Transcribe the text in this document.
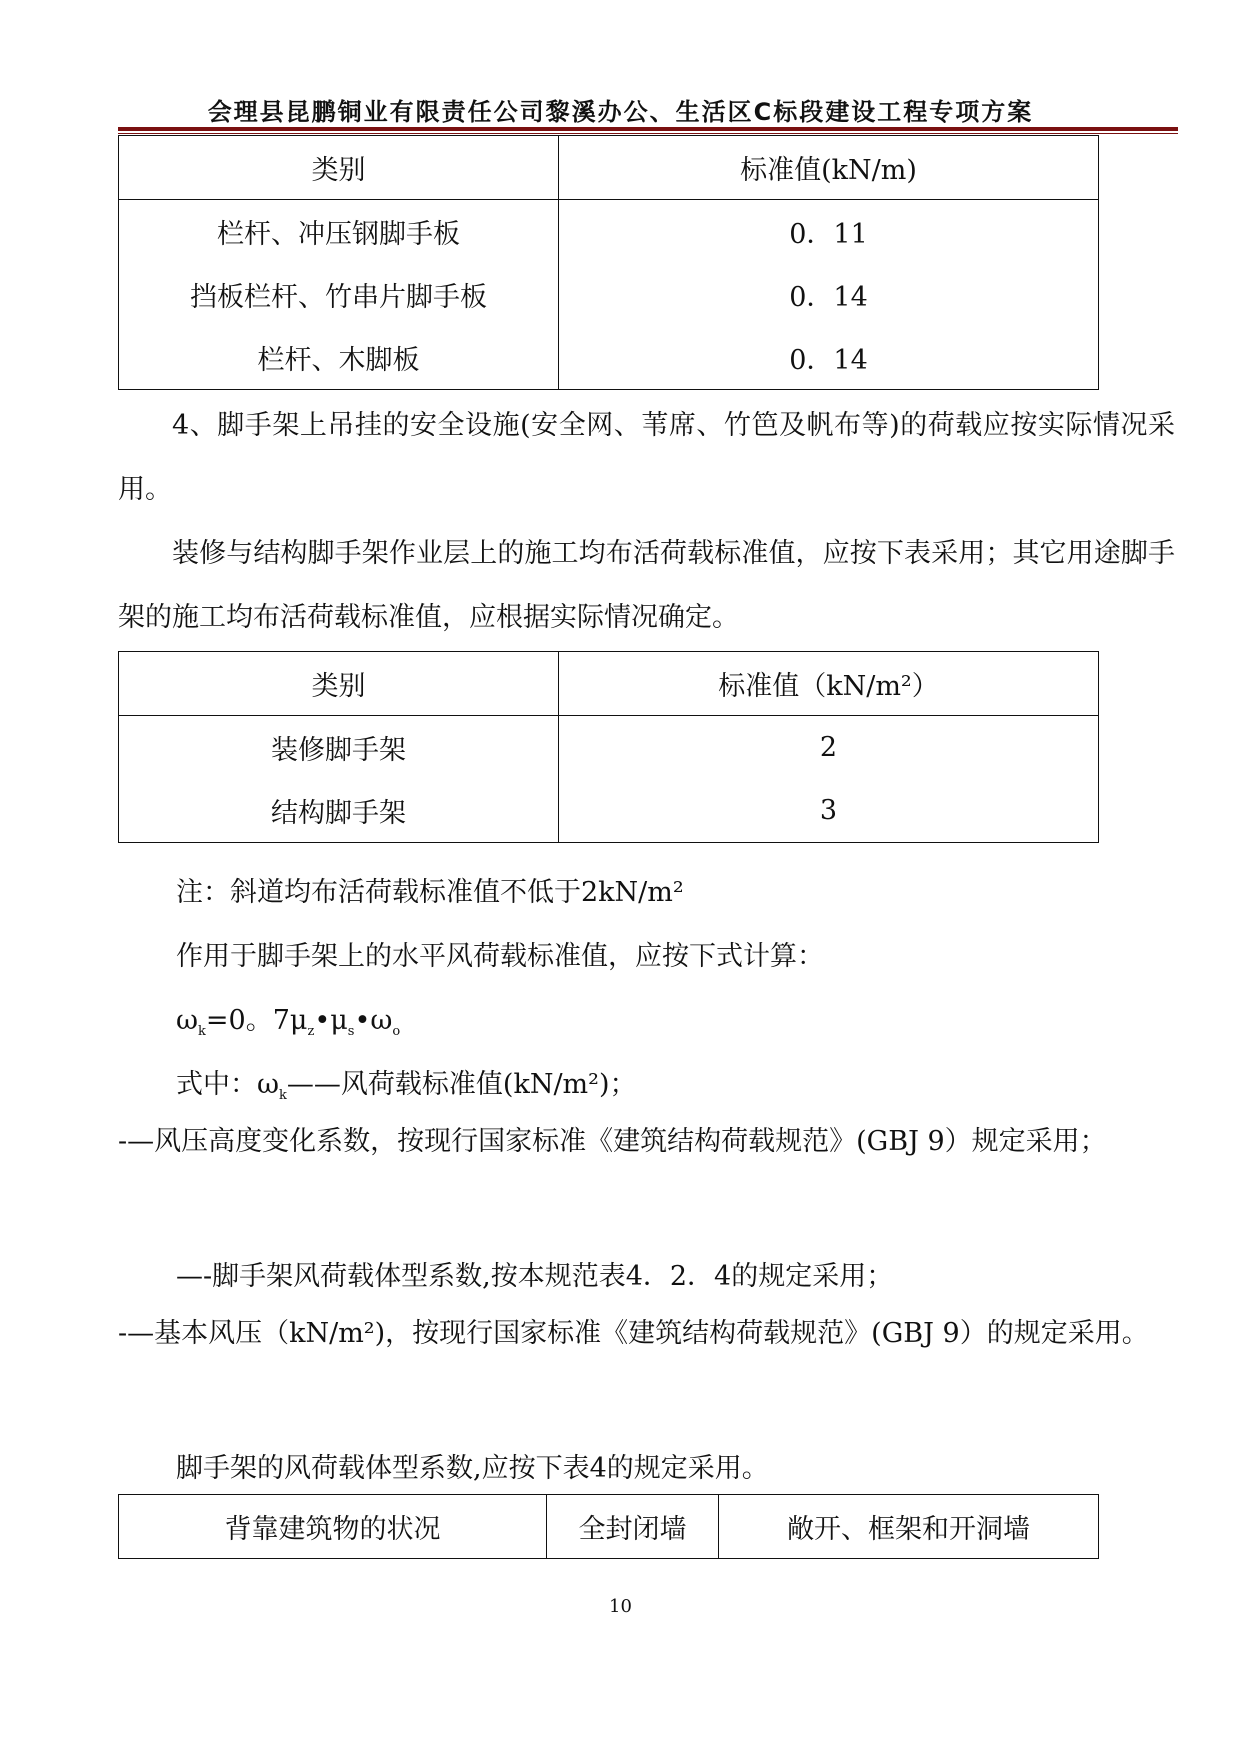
会理县昆鹏铜业有限责任公司黎溪办公、生活区C标段建设工程专项方案
类别	标准值(kN/m)
栏杆、冲压钢脚手板	0．11
挡板栏杆、竹串片脚手板	0．14
栏杆、木脚板	0．14

4、脚手架上吊挂的安全设施(安全网、苇席、竹笆及帆布等)的荷载应按实际情况采用。

装修与结构脚手架作业层上的施工均布活荷载标准值，应按下表采用；其它用途脚手架的施工均布活荷载标准值，应根据实际情况确定。

类别	标准值（kN/m²）
装修脚手架	2
结构脚手架	3

注：斜道均布活荷载标准值不低于2kN/m²

作用于脚手架上的水平风荷载标准值，应按下式计算：

$\omega_k=0$。$7\mu_z•\mu_s•\omega_o$

式中：$\omega_k——$风荷载标准值(kN/m²)；

-—风压高度变化系数，按现行国家标准《建筑结构荷载规范》(GBJ 9）规定采用；

—-脚手架风荷载体型系数,按本规范表4．2．4的规定采用；

-—基本风压（kN/m²)，按现行国家标准《建筑结构荷载规范》(GBJ 9）的规定采用。

脚手架的风荷载体型系数,应按下表4的规定采用。

背靠建筑物的状况	全封闭墙	敞开、框架和开洞墙
10
